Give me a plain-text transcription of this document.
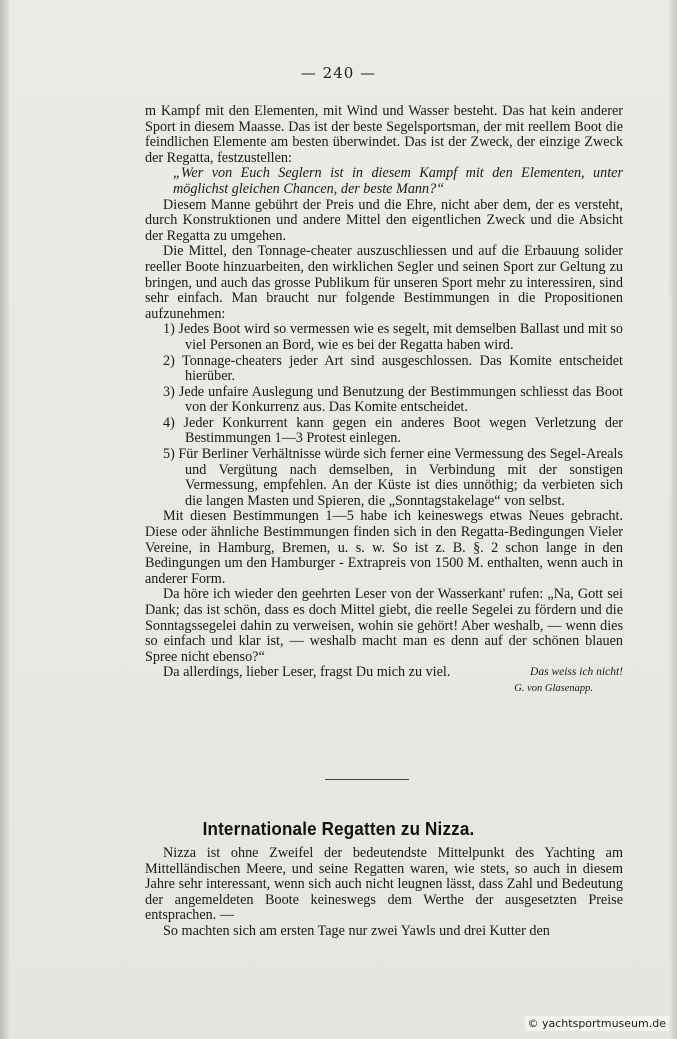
— 240 —
m Kampf mit den Elementen, mit Wind und Wasser besteht. Das hat kein anderer Sport in diesem Maasse. Das ist der beste Segelsportsman, der mit reellem Boot die feindlichen Elemente am besten überwindet. Das ist der Zweck, der einzige Zweck der Regatta, festzustellen:
„Wer von Euch Seglern ist in diesem Kampf mit den Elementen, unter möglichst gleichen Chancen, der beste Mann?“
Diesem Manne gebührt der Preis und die Ehre, nicht aber dem, der es versteht, durch Konstruktionen und andere Mittel den eigentlichen Zweck und die Absicht der Regatta zu umgehen.
Die Mittel, den Tonnage-cheater auszuschliessen und auf die Erbauung solider reeller Boote hinzuarbeiten, den wirklichen Segler und seinen Sport zur Geltung zu bringen, und auch das grosse Publikum für unseren Sport mehr zu interessiren, sind sehr einfach. Man braucht nur folgende Bestimmungen in die Propositionen aufzunehmen:
1) Jedes Boot wird so vermessen wie es segelt, mit demselben Ballast und mit so viel Personen an Bord, wie es bei der Regatta haben wird.
2) Tonnage-cheaters jeder Art sind ausgeschlossen. Das Komite entscheidet hierüber.
3) Jede unfaire Auslegung und Benutzung der Bestimmungen schliesst das Boot von der Konkurrenz aus. Das Komite entscheidet.
4) Jeder Konkurrent kann gegen ein anderes Boot wegen Verletzung der Bestimmungen 1—3 Protest einlegen.
5) Für Berliner Verhältnisse würde sich ferner eine Vermessung des Segel-Areals und Vergütung nach demselben, in Verbindung mit der sonstigen Vermessung, empfehlen. An der Küste ist dies unnöthig; da verbieten sich die langen Masten und Spieren, die „Sonntagstakelage“ von selbst.
Mit diesen Bestimmungen 1—5 habe ich keineswegs etwas Neues gebracht. Diese oder ähnliche Bestimmungen finden sich in den Regatta-Bedingungen Vieler Vereine, in Hamburg, Bremen, u. s. w. So ist z. B. §. 2 schon lange in den Bedingungen um den Hamburger - Extrapreis von 1500 M. enthalten, wenn auch in anderer Form.
Da höre ich wieder den geehrten Leser von der Wasserkant' rufen: „Na, Gott sei Dank; das ist schön, dass es doch Mittel giebt, die reelle Segelei zu fördern und die Sonntagssegelei dahin zu verweisen, wohin sie gehört! Aber weshalb, — wenn dies so einfach und klar ist, — weshalb macht man es denn auf der schönen blauen Spree nicht ebenso?“
Da allerdings, lieber Leser, fragst Du mich zu viel.	Das weiss ich nicht!
G. von Glasenapp.
Internationale Regatten zu Nizza.
Nizza ist ohne Zweifel der bedeutendste Mittelpunkt des Yachting am Mittelländischen Meere, und seine Regatten waren, wie stets, so auch in diesem Jahre sehr interessant, wenn sich auch nicht leugnen lässt, dass Zahl und Bedeutung der angemeldeten Boote keineswegs dem Werthe der ausgesetzten Preise entsprachen. —
So machten sich am ersten Tage nur zwei Yawls und drei Kutter den
© yachtsportmuseum.de
